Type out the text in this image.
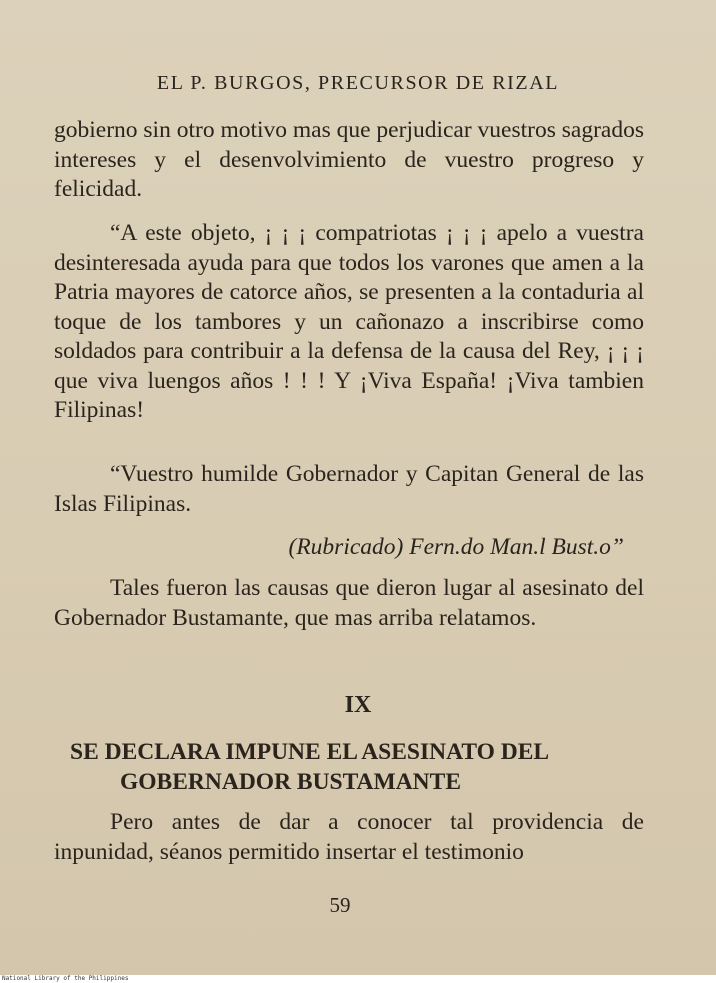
EL P. BURGOS, PRECURSOR DE RIZAL

gobierno sin otro motivo mas que perjudicar vuestros sagrados intereses y el desenvolvimiento de vuestro progreso y felicidad.

“A este objeto, ¡ ¡ ¡ compatriotas ¡ ¡ ¡ apelo a vuestra desinteresada ayuda para que todos los varones que amen a la Patria mayores de catorce años, se presenten a la contaduria al toque de los tambores y un cañonazo a inscribirse como soldados para contribuir a la defensa de la causa del Rey, ¡ ¡ ¡ que viva luengos años ! ! ! Y ¡Viva España! ¡Viva tambien Filipinas!

“Vuestro humilde Gobernador y Capitan General de las Islas Filipinas.

(Rubricado) Fern.do Man.l Bust.o”

Tales fueron las causas que dieron lugar al asesinato del Gobernador Bustamante, que mas arriba relatamos.

IX
SE DECLARA IMPUNE EL ASESINATO DEL
GOBERNADOR BUSTAMANTE

Pero antes de dar a conocer tal providencia de inpunidad, séanos permitido insertar el testimonio

59
National Library of the Philippines
